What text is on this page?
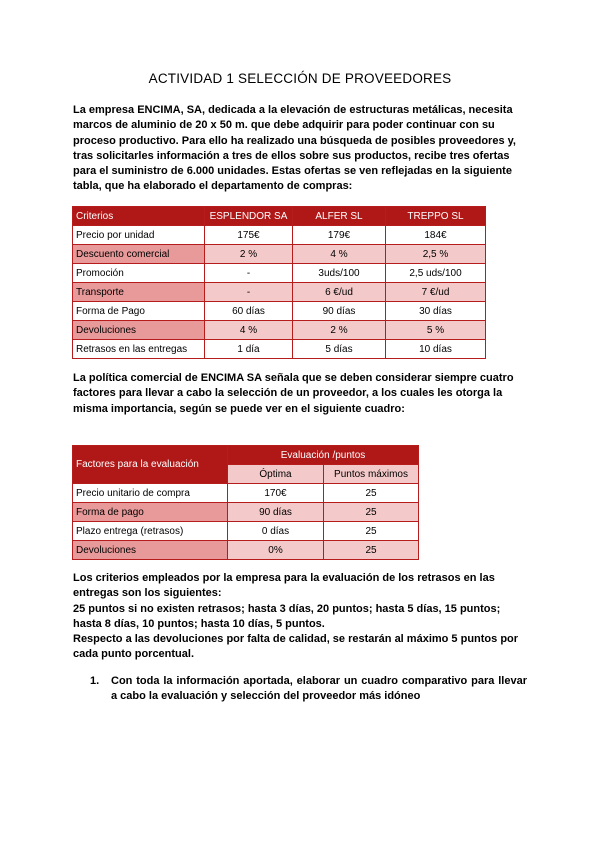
ACTIVIDAD 1 SELECCIÓN DE PROVEEDORES
La empresa ENCIMA, SA, dedicada a la elevación de estructuras metálicas, necesita
marcos de aluminio de 20 x 50 m. que debe adquirir para poder continuar con su
proceso productivo. Para ello ha realizado una búsqueda de posibles proveedores y,
tras solicitarles información a tres de ellos sobre sus productos, recibe tres ofertas
para el suministro de 6.000 unidades. Estas ofertas se ven reflejadas en la siguiente
tabla, que ha elaborado el departamento de compras:
Criterios	ESPLENDOR SA	ALFER SL	TREPPO SL
Precio por unidad	175€	179€	184€
Descuento comercial	2 %	4 %	2,5 %
Promoción	-	3uds/100	2,5 uds/100
Transporte	-	6 €/ud	7 €/ud
Forma de Pago	60 días	90 días	30 días
Devoluciones	4 %	2 %	5 %
Retrasos en las entregas	1 día	5 días	10 días
La política comercial de ENCIMA SA señala que se deben considerar siempre cuatro
factores para llevar a cabo la selección de un proveedor, a los cuales les otorga la
misma importancia, según se puede ver en el siguiente cuadro:
Factores para la evaluación	Evaluación /puntos	
	Óptima	Puntos máximos
Precio unitario de compra	170€	25
Forma de pago	90 días	25
Plazo entrega (retrasos)	0 días	25
Devoluciones	0%	25
Los criterios empleados por la empresa para la evaluación de los retrasos en las
entregas son los siguientes:
25 puntos si no existen retrasos; hasta 3 días, 20 puntos; hasta 5 días, 15 puntos;
hasta 8 días, 10 puntos; hasta 10 días, 5 puntos.
Respecto a las devoluciones por falta de calidad, se restarán al máximo 5 puntos por
cada punto porcentual.
1. Con toda la información aportada, elaborar un cuadro comparativo para llevar
a cabo la evaluación y selección del proveedor más idóneo
